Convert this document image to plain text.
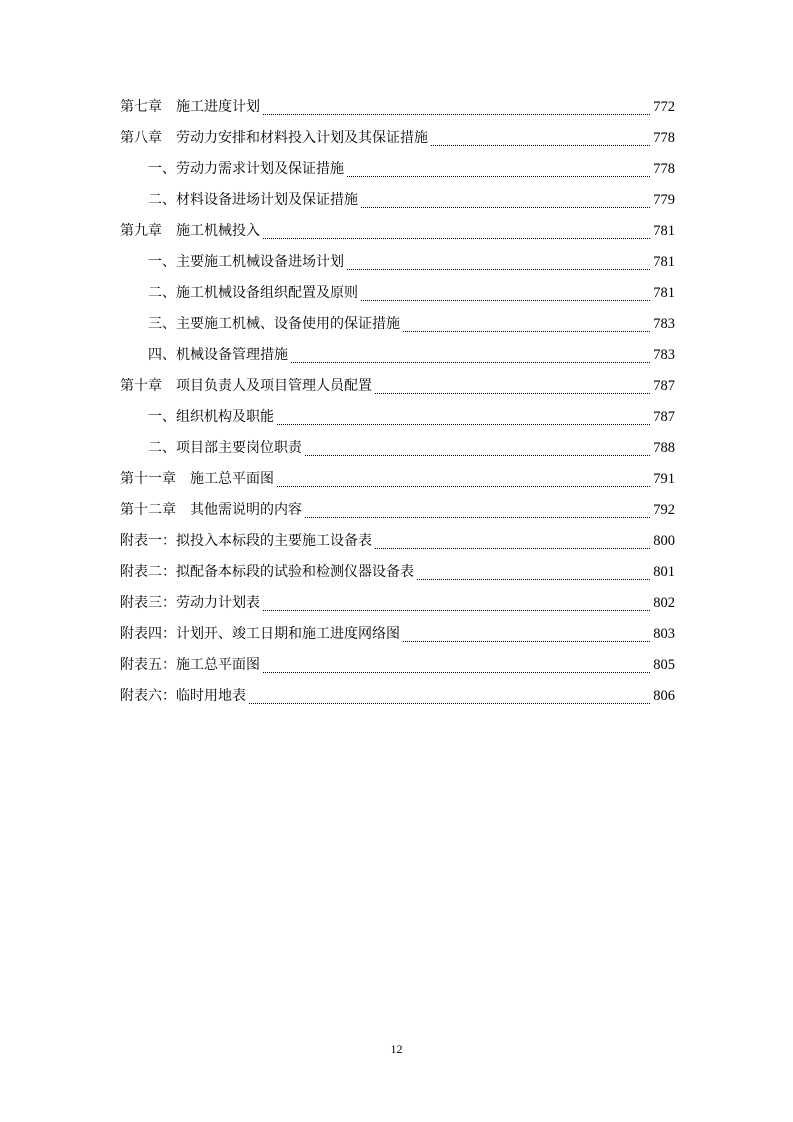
第七章　施工进度计划	772
第八章　劳动力安排和材料投入计划及其保证措施	778
一、劳动力需求计划及保证措施	778
二、材料设备进场计划及保证措施	779
第九章　施工机械投入	781
一、主要施工机械设备进场计划	781
二、施工机械设备组织配置及原则	781
三、主要施工机械、设备使用的保证措施	783
四、机械设备管理措施	783
第十章　项目负责人及项目管理人员配置	787
一、组织机构及职能	787
二、项目部主要岗位职责	788
第十一章　施工总平面图	791
第十二章　其他需说明的内容	792
附表一：拟投入本标段的主要施工设备表	800
附表二：拟配备本标段的试验和检测仪器设备表	801
附表三：劳动力计划表	802
附表四：计划开、竣工日期和施工进度网络图	803
附表五：施工总平面图	805
附表六：临时用地表	806
12
